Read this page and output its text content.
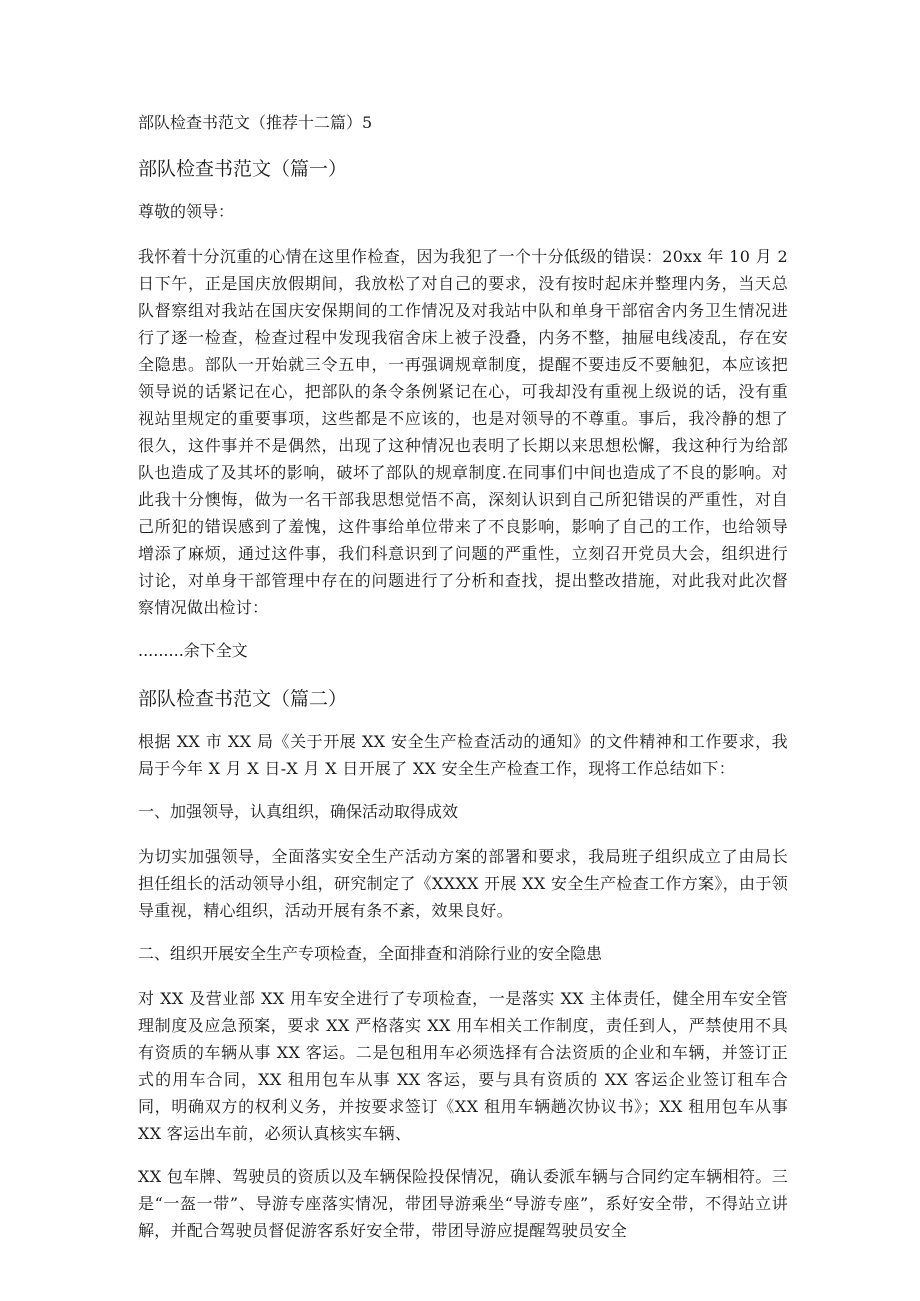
部队检查书范文（推荐十二篇）5
部队检查书范文（篇一）
尊敬的领导：
我怀着十分沉重的心情在这里作检查，因为我犯了一个十分低级的错误：20xx 年 10 月 2 日下午，正是国庆放假期间，我放松了对自己的要求，没有按时起床并整理内务，当天总队督察组对我站在国庆安保期间的工作情况及对我站中队和单身干部宿舍内务卫生情况进行了逐一检查，检查过程中发现我宿舍床上被子没叠，内务不整，抽屉电线凌乱，存在安全隐患。部队一开始就三令五申，一再强调规章制度，提醒不要违反不要触犯，本应该把领导说的话紧记在心，把部队的条令条例紧记在心，可我却没有重视上级说的话，没有重视站里规定的重要事项，这些都是不应该的，也是对领导的不尊重。事后，我冷静的想了很久，这件事并不是偶然，出现了这种情况也表明了长期以来思想松懈，我这种行为给部队也造成了及其坏的影响，破坏了部队的规章制度.在同事们中间也造成了不良的影响。对此我十分懊悔，做为一名干部我思想觉悟不高，深刻认识到自己所犯错误的严重性，对自己所犯的错误感到了羞愧，这件事给单位带来了不良影响，影响了自己的工作，也给领导增添了麻烦，通过这件事，我们科意识到了问题的严重性，立刻召开党员大会，组织进行讨论，对单身干部管理中存在的问题进行了分析和查找，提出整改措施，对此我对此次督察情况做出检讨：
.........余下全文
部队检查书范文（篇二）
根据 XX 市 XX 局《关于开展 XX 安全生产检查活动的通知》的文件精神和工作要求，我局于今年 X 月 X 日-X 月 X 日开展了 XX 安全生产检查工作，现将工作总结如下：
一、加强领导，认真组织，确保活动取得成效
为切实加强领导，全面落实安全生产活动方案的部署和要求，我局班子组织成立了由局长担任组长的活动领导小组，研究制定了《XXXX 开展 XX 安全生产检查工作方案》，由于领导重视，精心组织，活动开展有条不紊，效果良好。
二、组织开展安全生产专项检查，全面排查和消除行业的安全隐患
对 XX 及营业部 XX 用车安全进行了专项检查，一是落实 XX 主体责任，健全用车安全管理制度及应急预案，要求 XX 严格落实 XX 用车相关工作制度，责任到人，严禁使用不具有资质的车辆从事 XX 客运。二是包租用车必须选择有合法资质的企业和车辆，并签订正式的用车合同，XX 租用包车从事 XX 客运，要与具有资质的 XX 客运企业签订租车合同，明确双方的权利义务，并按要求签订《XX 租用车辆趟次协议书》；XX 租用包车从事 XX 客运出车前，必须认真核实车辆、
XX 包车牌、驾驶员的资质以及车辆保险投保情况，确认委派车辆与合同约定车辆相符。三是“一盔一带”、导游专座落实情况，带团导游乘坐“导游专座”，系好安全带，不得站立讲解，并配合驾驶员督促游客系好安全带，带团导游应提醒驾驶员安全
